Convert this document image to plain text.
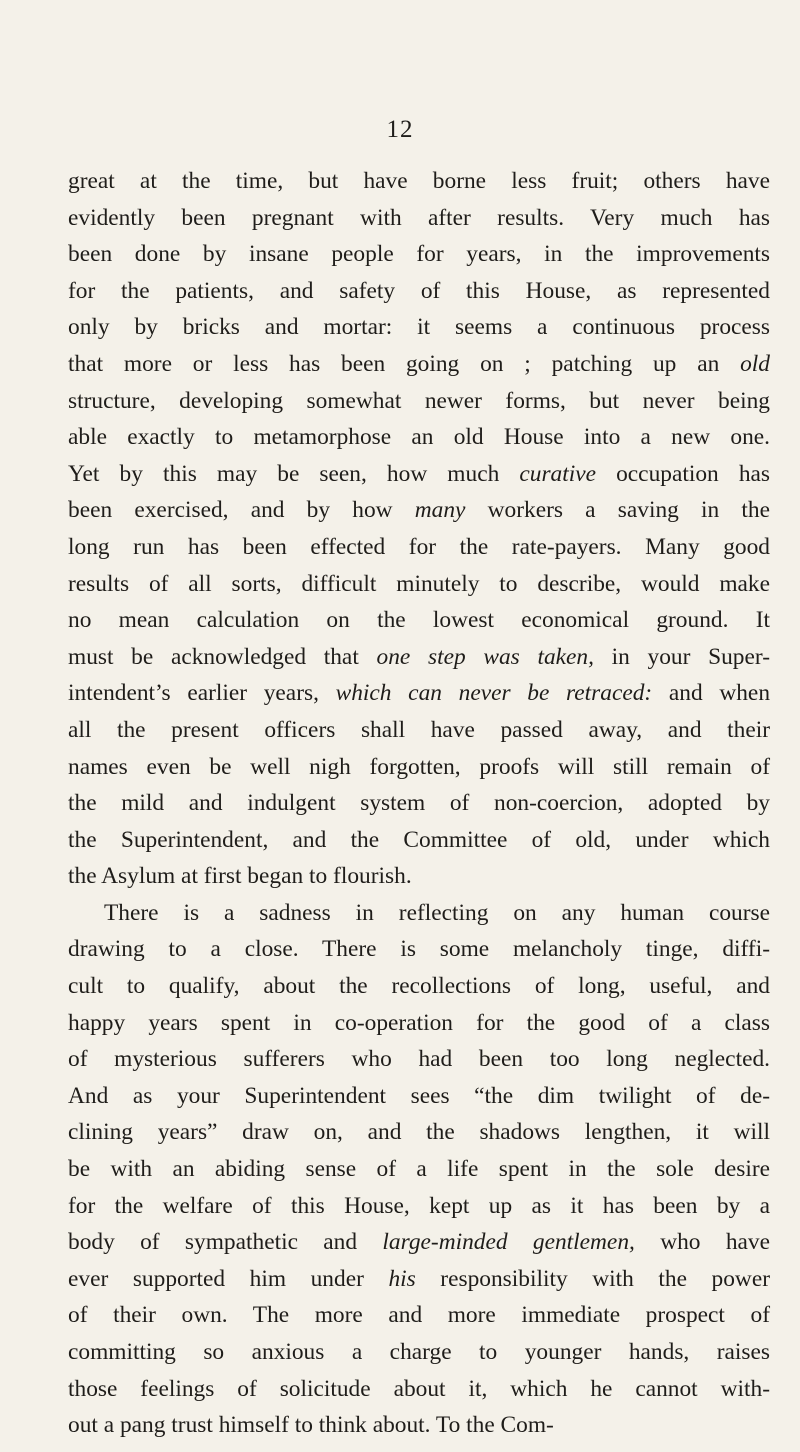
12
great at the time, but have borne less fruit; others have
evidently been pregnant with after results. Very much has
been done by insane people for years, in the improvements
for the patients, and safety of this House, as represented
only by bricks and mortar: it seems a continuous process
that more or less has been going on ; patching up an old
structure, developing somewhat newer forms, but never being
able exactly to metamorphose an old House into a new one.
Yet by this may be seen, how much curative occupation has
been exercised, and by how many workers a saving in the
long run has been effected for the rate-payers. Many good
results of all sorts, difficult minutely to describe, would make
no mean calculation on the lowest economical ground. It
must be acknowledged that one step was taken, in your Super-
intendent’s earlier years, which can never be retraced: and when
all the present officers shall have passed away, and their
names even be well nigh forgotten, proofs will still remain of
the mild and indulgent system of non-coercion, adopted by
the Superintendent, and the Committee of old, under which
the Asylum at first began to flourish.
There is a sadness in reflecting on any human course
drawing to a close. There is some melancholy tinge, diffi-
cult to qualify, about the recollections of long, useful, and
happy years spent in co-operation for the good of a class
of mysterious sufferers who had been too long neglected.
And as your Superintendent sees “the dim twilight of de-
clining years” draw on, and the shadows lengthen, it will
be with an abiding sense of a life spent in the sole desire
for the welfare of this House, kept up as it has been by a
body of sympathetic and large-minded gentlemen, who have
ever supported him under his responsibility with the power
of their own. The more and more immediate prospect of
committing so anxious a charge to younger hands, raises
those feelings of solicitude about it, which he cannot with-
out a pang trust himself to think about. To the Com-
